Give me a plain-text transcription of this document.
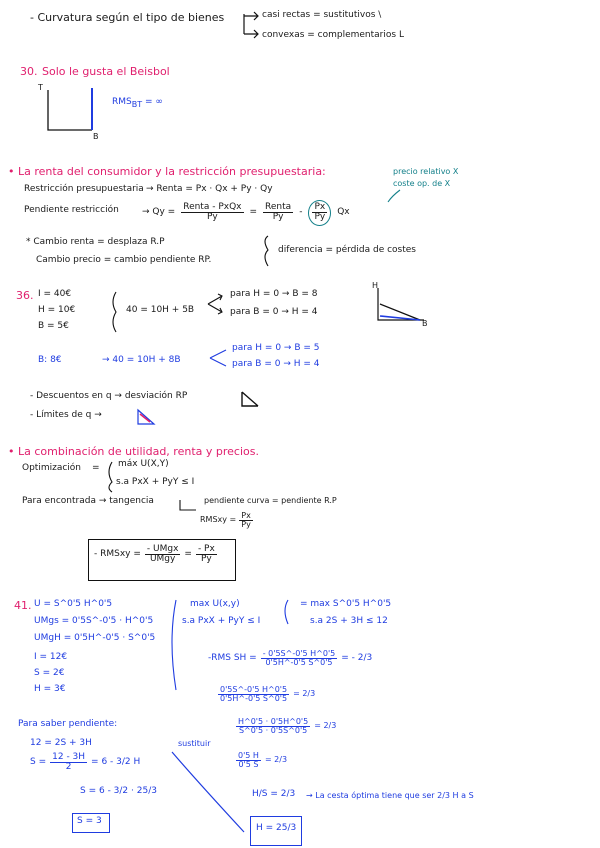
- Curvatura según el tipo de bienes	casi rectas = sustitutivos \
convexas = complementarios L
30. Solo le gusta el Beisbol
T
B
$RMS_{BT}$ = ∞
• La renta del consumidor y la restricción presupuestaria:	precio relativo X
coste op. de X
Restricción presupuestaria → Renta = Px · Qx + Py · Qy
Pendiente restricción	→ $Qy = \frac{\text{Renta - PxQx}}{Py} = \frac{\text{Renta}}{Py} - \frac{Px}{Py}$ Qx
* Cambio renta = desplaza R.P
Cambio precio = cambio pendiente RP.
diferencia = pérdida de costes
36. I = 40€
H = 10€
B = 5€
40 = 10H + 5B
para H = 0 → B = 8
para B = 0 → H = 4
H
B
B: 8€	→ 40 = 10H + 8B
para H = 0 → B = 5
para B = 0 → H = 4
- Descuentos en q → desviación RP
- Límites de q →
• La combinación de utilidad, renta y precios.
Optimización = máx U(X,Y)
s.a PxX + PyY ≤ I
Para encontrada → tangencia	pendiente curva = pendiente R.P
RMSxy = $\frac{Px}{Py}$
- RMSxy = $\frac{\text{- UMgx}}{\text{UMgy}} = \frac{- Px}{Py}$
41. U = S^0'5 H^0'5
UMgs = 0'5S^-0'5 · H^0'5
UMgH = 0'5H^-0'5 · S^0'5
I = 12€
S = 2€
H = 3€
max U(x,y)
s.a PxX + PyY ≤ I
= max S^0'5 H^0'5
s.a 2S + 3H ≤ 12
-RMS SH = $\frac{- 0'5S\^{}-0'5 H\^{}0'5}{0'5H\^{}-0'5 S\^{}0'5}$ = - 2/3
$\frac{0'5S\^{}-0'5 H\^{}0'5}{0'5H\^{}-0'5 S\^{}0'5} = 2/3$
$\frac{H\^{}0'5 \cdot 0'5H\^{}0'5}{S\^{}0'5 \cdot 0'5S\^{}0'5} = 2/3$
$\frac{0'5 H}{0'5 S} = 2/3$
H/S = 2/3 → La cesta óptima tiene que ser 2/3 H a S
sustituir
Para saber pendiente:
12 = 2S + 3H
$S = \frac{12 - 3H}{2} = 6 - 3/2$ H
S = 6 - 3/2 · 25/3
S = 3
H = 25/3
